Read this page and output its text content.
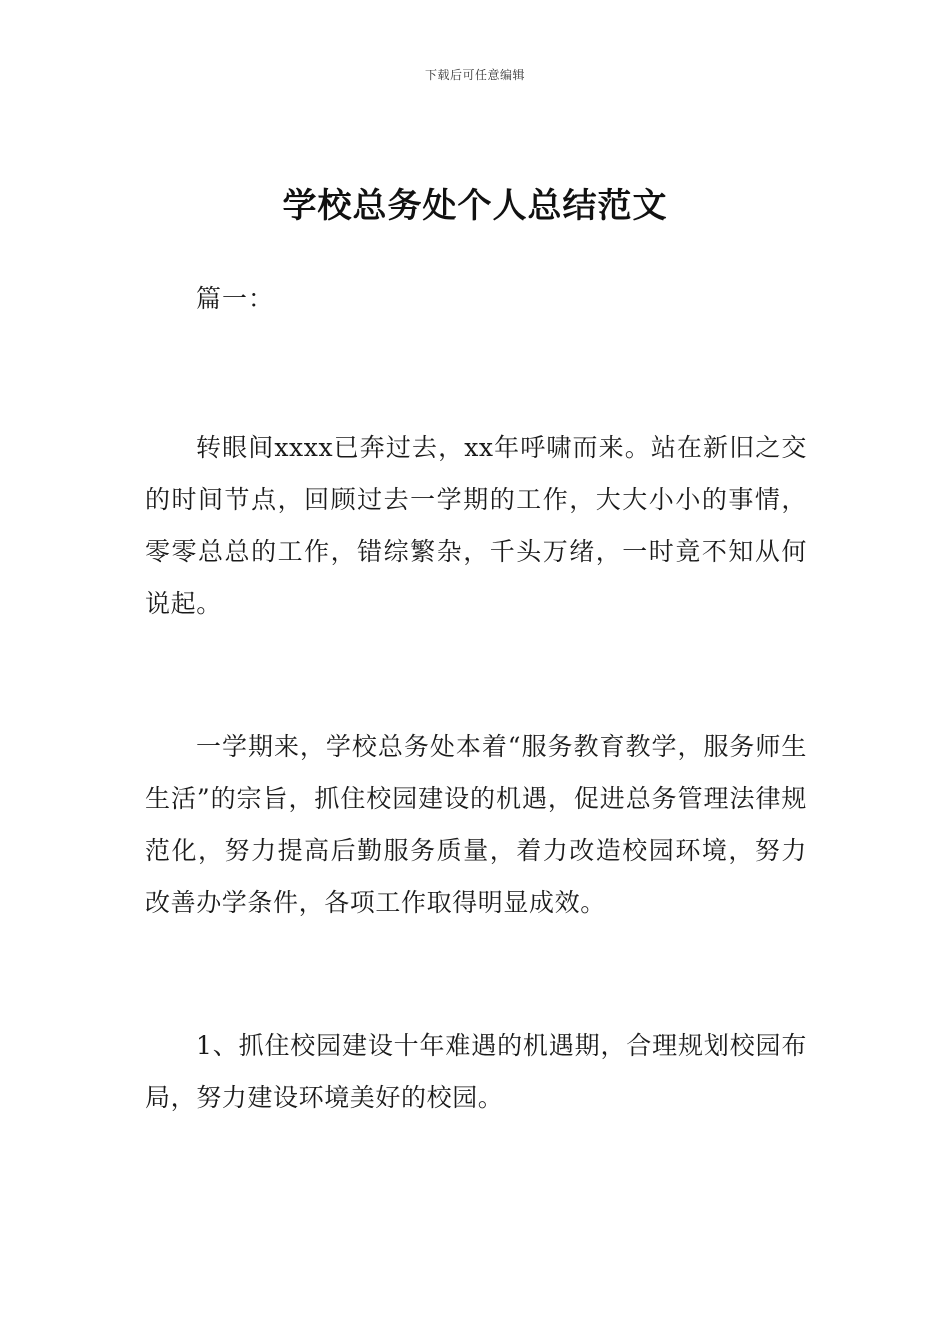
下载后可任意编辑
学校总务处个人总结范文
篇一：

转眼间xxxx已奔过去，xx年呼啸而来。站在新旧之交的时间节点，回顾过去一学期的工作，大大小小的事情，零零总总的工作，错综繁杂，千头万绪，一时竟不知从何说起。

一学期来，学校总务处本着“服务教育教学，服务师生生活”的宗旨，抓住校园建设的机遇，促进总务管理法律规范化，努力提高后勤服务质量，着力改造校园环境，努力改善办学条件，各项工作取得明显成效。

1、抓住校园建设十年难遇的机遇期，合理规划校园布局，努力建设环境美好的校园。
